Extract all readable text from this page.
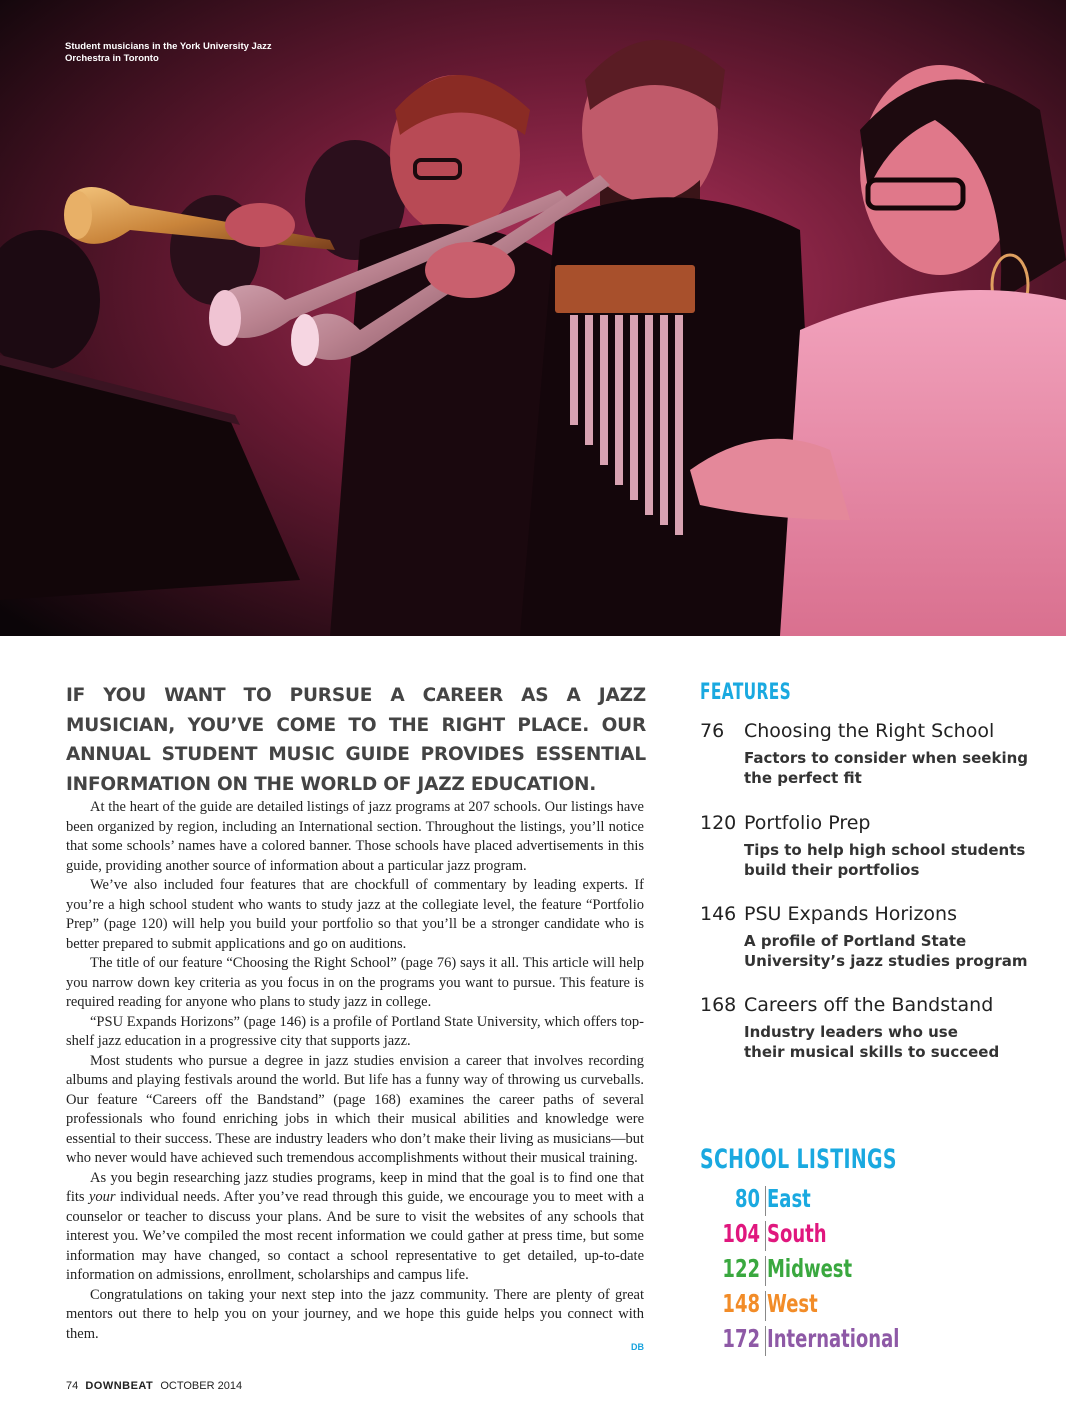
Student musicians in the York University Jazz Orchestra in Toronto
IF YOU WANT TO PURSUE A CAREER AS A JAZZ MUSICIAN, YOU’VE COME TO THE RIGHT PLACE. OUR ANNUAL STUDENT MUSIC GUIDE PROVIDES ESSENTIAL INFORMATION ON THE WORLD OF JAZZ EDUCATION.

At the heart of the guide are detailed listings of jazz programs at 207 schools. Our listings have been organized by region, including an International section. Throughout the listings, you’ll notice that some schools’ names have a colored banner. Those schools have placed advertisements in this guide, providing another source of information about a particular jazz program.

We’ve also included four features that are chockfull of commentary by leading experts. If you’re a high school student who wants to study jazz at the collegiate level, the feature “Portfolio Prep” (page 120) will help you build your portfolio so that you’ll be a stronger candidate who is better prepared to submit applications and go on auditions.

The title of our feature “Choosing the Right School” (page 76) says it all. This article will help you narrow down key criteria as you focus in on the programs you want to pursue. This feature is required reading for anyone who plans to study jazz in college.

“PSU Expands Horizons” (page 146) is a profile of Portland State University, which offers top-shelf jazz education in a progressive city that supports jazz.

Most students who pursue a degree in jazz studies envision a career that involves recording albums and playing festivals around the world. But life has a funny way of throwing us curveballs. Our feature “Careers off the Bandstand” (page 168) examines the career paths of several professionals who found enriching jobs in which their musical abilities and knowledge were essential to their success. These are industry leaders who don’t make their living as musicians—but who never would have achieved such tremendous accomplishments without their musical training.

As you begin researching jazz studies programs, keep in mind that the goal is to find one that fits your individual needs. After you’ve read through this guide, we encourage you to meet with a counselor or teacher to discuss your plans. And be sure to visit the websites of any schools that interest you. We’ve compiled the most recent information we could gather at press time, but some information may have changed, so contact a school representative to get detailed, up-to-date information on admissions, enrollment, scholarships and campus life.

Congratulations on taking your next step into the jazz community. There are plenty of great mentors out there to help you on your journey, and we hope this guide helps you connect with them.

DB
74 DOWNBEAT OCTOBER 2014
FEATURES
76 Choosing the Right School
Factors to consider when seeking
the perfect fit
120 Portfolio Prep
Tips to help high school students
build their portfolios
146 PSU Expands Horizons
A profile of Portland State
University’s jazz studies program
168 Careers off the Bandstand
Industry leaders who use
their musical skills to succeed
SCHOOL LISTINGS
80 East
104 South
122 Midwest
148 West
172 International
